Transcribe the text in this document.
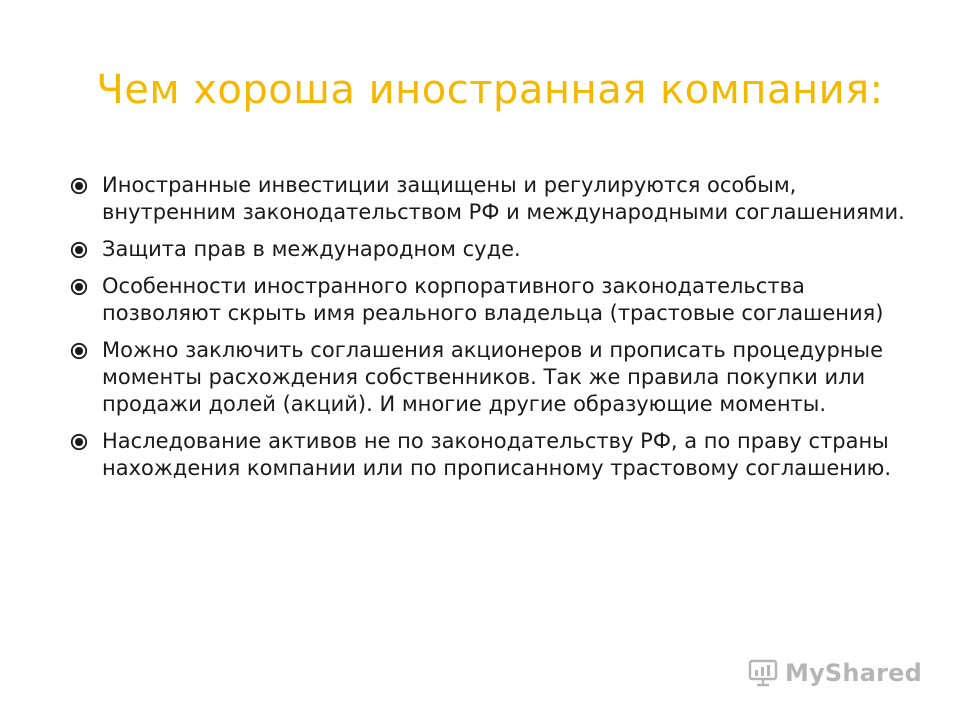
Чем хороша иностранная компания:
Иностранные инвестиции защищены и регулируются особым, внутренним законодательством РФ и международными соглашениями.
Защита прав в международном суде.
Особенности иностранного корпоративного законодательства позволяют скрыть имя реального владельца (трастовые соглашения)
Можно заключить соглашения акционеров и прописать процедурные моменты расхождения собственников. Так же правила покупки или продажи долей (акций). И многие другие образующие моменты.
Наследование активов не по законодательству РФ, а по праву страны нахождения компании или по прописанному трастовому соглашению.
MyShared
